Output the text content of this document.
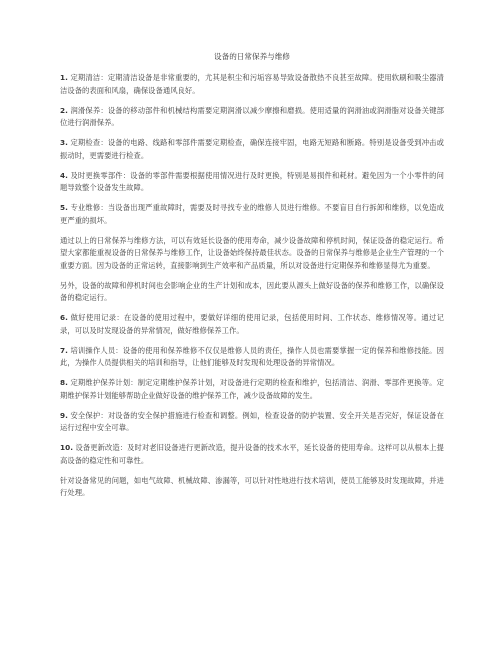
设备的日常保养与维修

1. 定期清洁：定期清洁设备是非常重要的，尤其是积尘和污垢容易导致设备散热不良甚至故障。使用软刷和吸尘器清洁设备的表面和风扇，确保设备通风良好。

2. 润滑保养：设备的移动部件和机械结构需要定期润滑以减少摩擦和磨损。使用适量的润滑油或润滑脂对设备关键部位进行润滑保养。

3. 定期检查：设备的电路、线路和零部件需要定期检查，确保连接牢固，电路无短路和断路。特别是设备受到冲击或振动时，更需要进行检查。

4. 及时更换零部件：设备的零部件需要根据使用情况进行及时更换，特别是易损件和耗材。避免因为一个小零件的问题导致整个设备发生故障。

5. 专业维修：当设备出现严重故障时，需要及时寻找专业的维修人员进行维修。不要盲目自行拆卸和维修，以免造成更严重的损坏。

通过以上的日常保养与维修方法，可以有效延长设备的使用寿命，减少设备故障和停机时间，保证设备的稳定运行。希望大家都能重视设备的日常保养与维修工作，让设备始终保持最佳状态。设备的日常保养与维修是企业生产管理的一个重要方面。因为设备的正常运转，直接影响到生产效率和产品质量，所以对设备进行定期保养和维修显得尤为重要。

另外，设备的故障和停机时间也会影响企业的生产计划和成本，因此要从源头上做好设备的保养和维修工作，以确保设备的稳定运行。

6. 做好使用记录：在设备的使用过程中，要做好详细的使用记录，包括使用时间、工作状态、维修情况等。通过记录，可以及时发现设备的异常情况，做好维修保养工作。

7. 培训操作人员：设备的使用和保养维修不仅仅是维修人员的责任，操作人员也需要掌握一定的保养和维修技能。因此，为操作人员提供相关的培训和指导，让他们能够及时发现和处理设备的异常情况。

8. 定期维护保养计划：制定定期维护保养计划，对设备进行定期的检查和维护，包括清洁、润滑、零部件更换等。定期维护保养计划能够帮助企业做好设备的维护保养工作，减少设备故障的发生。

9. 安全保护：对设备的安全保护措施进行检查和调整。例如，检查设备的防护装置、安全开关是否完好，保证设备在运行过程中安全可靠。

10. 设备更新改造：及时对老旧设备进行更新改造，提升设备的技术水平，延长设备的使用寿命。这样可以从根本上提高设备的稳定性和可靠性。

针对设备常见的问题，如电气故障、机械故障、渗漏等，可以针对性地进行技术培训，使员工能够及时发现故障，并进行处理。
